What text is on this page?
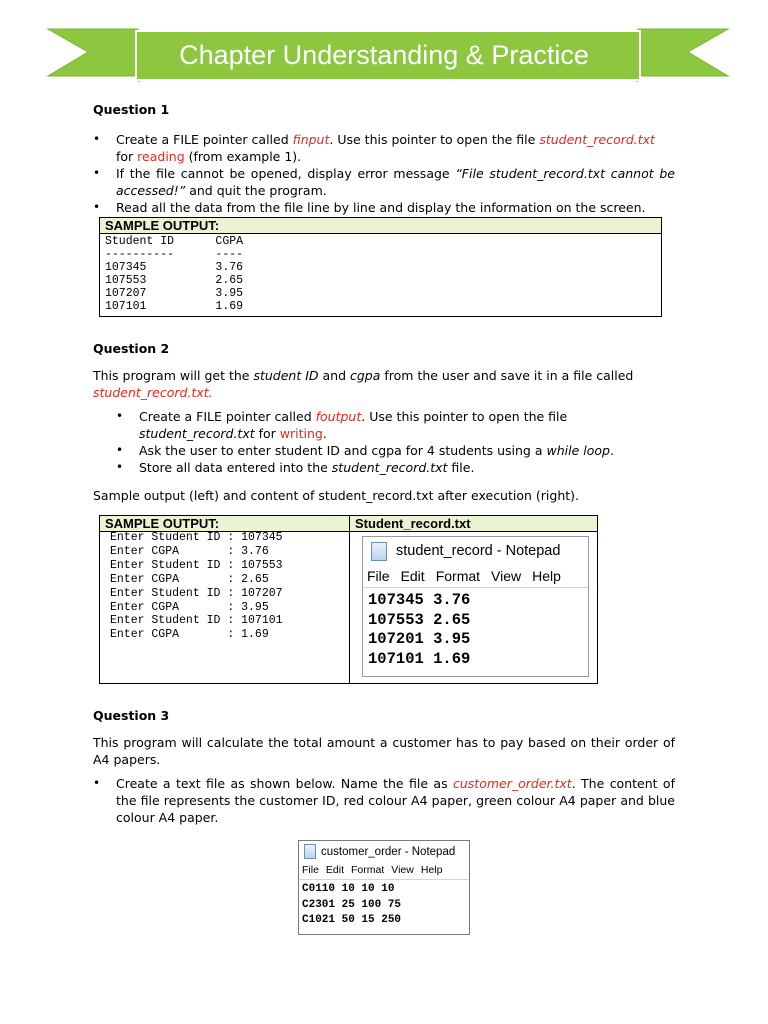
Chapter Understanding & Practice
Question 1
• Create a FILE pointer called finput. Use this pointer to open the file student_record.txt
for reading (from example 1).
• If the file cannot be opened, display error message “File student_record.txt cannot be accessed!” and quit the program.
• Read all the data from the file line by line and display the information on the screen.
SAMPLE OUTPUT:
Student ID      CGPA
----------      ----
107345          3.76
107553          2.65
107207          3.95
107101          1.69
Question 2
This program will get the student ID and cgpa from the user and save it in a file called
student_record.txt.
• Create a FILE pointer called foutput. Use this pointer to open the file
student_record.txt for writing.
• Ask the user to enter student ID and cgpa for 4 students using a while loop.
• Store all data entered into the student_record.txt file.
Sample output (left) and content of student_record.txt after execution (right).
SAMPLE OUTPUT:	Student_record.txt
Enter Student ID : 107345
Enter CGPA       : 3.76
Enter Student ID : 107553
Enter CGPA       : 2.65
Enter Student ID : 107207
Enter CGPA       : 3.95
Enter Student ID : 107101
Enter CGPA       : 1.69
student_record - Notepad
File Edit Format View Help
107345 3.76
107553 2.65
107201 3.95
107101 1.69
Question 3
This program will calculate the total amount a customer has to pay based on their order of A4 papers.
• Create a text file as shown below. Name the file as customer_order.txt. The content of the file represents the customer ID, red colour A4 paper, green colour A4 paper and blue colour A4 paper.
customer_order - Notepad
File Edit Format View Help
C0110 10 10 10
C2301 25 100 75
C1021 50 15 250
